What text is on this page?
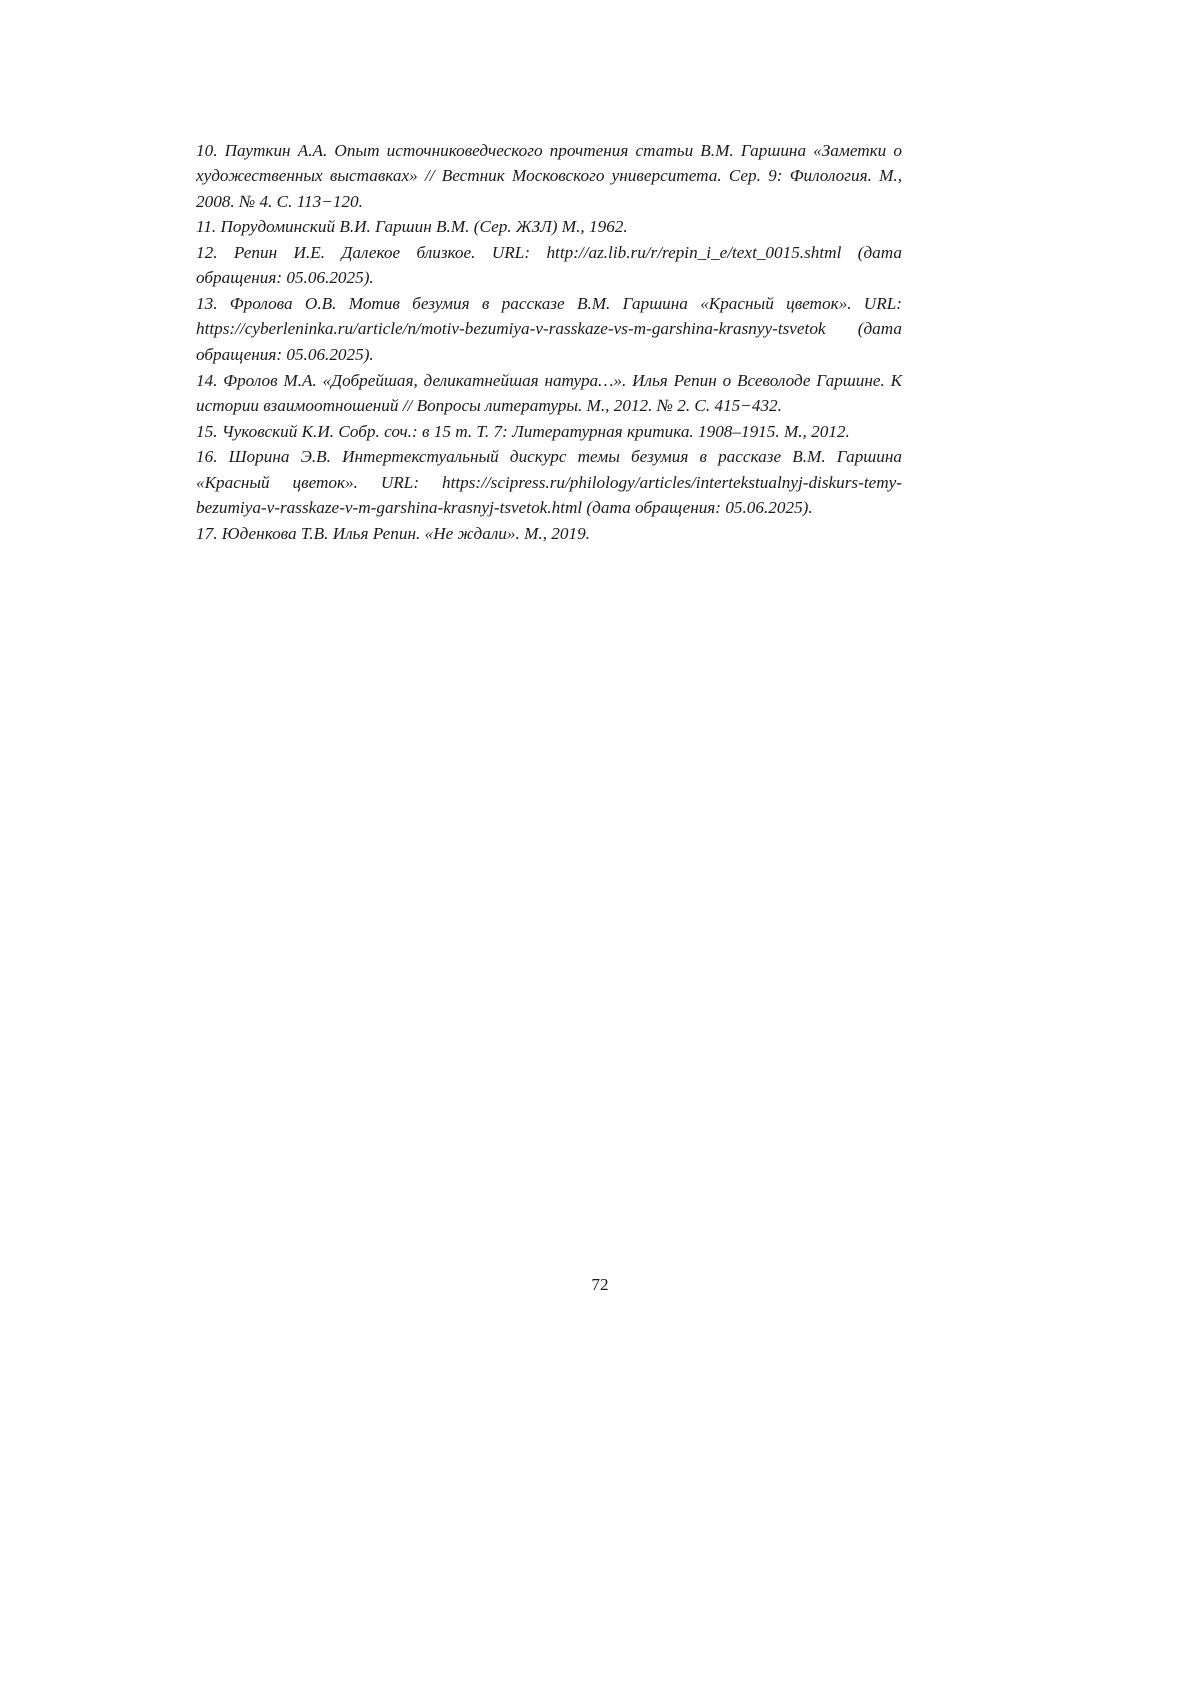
10. Пауткин А.А. Опыт источниковедческого прочтения статьи В.М. Гаршина «Заметки о художественных выставках» // Вестник Московского университета. Сер. 9: Филология. М., 2008. № 4. С. 113−120.
11. Порудоминский В.И. Гаршин В.М. (Сер. ЖЗЛ) М., 1962.
12. Репин И.Е. Далекое близкое. URL: http://az.lib.ru/r/repin_i_e/text_0015.shtml (дата обращения: 05.06.2025).
13. Фролова О.В. Мотив безумия в рассказе В.М. Гаршина «Красный цветок». URL: https://cyberleninka.ru/article/n/motiv-bezumiya-v-rasskaze-vs-m-garshina-krasnyy-tsvetok (дата обращения: 05.06.2025).
14. Фролов М.А. «Добрейшая, деликатнейшая натура…». Илья Репин о Всеволоде Гаршине. К истории взаимоотношений // Вопросы литературы. М., 2012. № 2. С. 415−432.
15. Чуковский К.И. Собр. соч.: в 15 т. Т. 7: Литературная критика. 1908–1915. М., 2012.
16. Шорина Э.В. Интертекстуальный дискурс темы безумия в рассказе В.М. Гаршина «Красный цветок». URL: https://scipress.ru/philology/articles/intertekstualnyj-diskurs-temy-bezumiya-v-rasskaze-v-m-garshina-krasnyj-tsvetok.html (дата обращения: 05.06.2025).
17. Юденкова Т.В. Илья Репин. «Не ждали». М., 2019.
72
